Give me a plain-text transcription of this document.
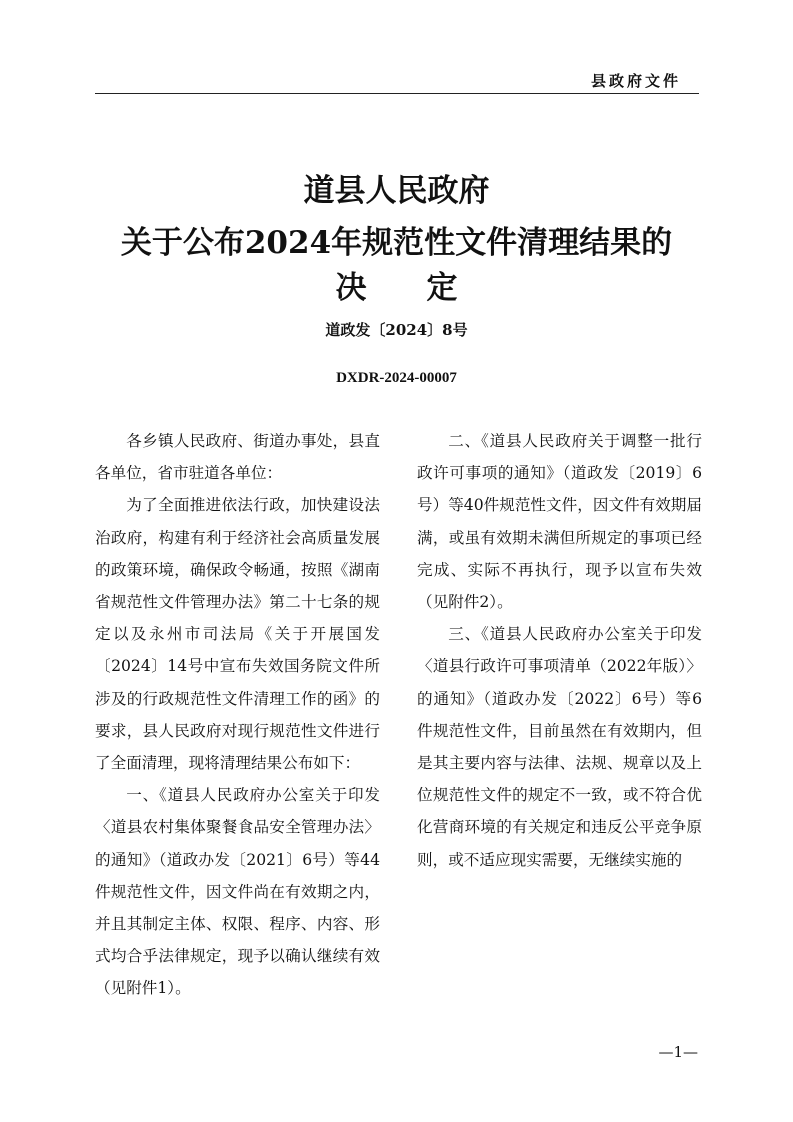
县政府文件
道县人民政府
关于公布2024年规范性文件清理结果的
决定
道政发〔2024〕8号
DXDR-2024-00007

各乡镇人民政府、街道办事处，县直各单位，省市驻道各单位：

为了全面推进依法行政，加快建设法治政府，构建有利于经济社会高质量发展的政策环境，确保政令畅通，按照《湖南省规范性文件管理办法》第二十七条的规定以及永州市司法局《关于开展国发〔2024〕14号中宣布失效国务院文件所涉及的行政规范性文件清理工作的函》的要求，县人民政府对现行规范性文件进行了全面清理，现将清理结果公布如下：

一、《道县人民政府办公室关于印发〈道县农村集体聚餐食品安全管理办法〉的通知》（道政办发〔2021〕6号）等44件规范性文件，因文件尚在有效期之内，并且其制定主体、权限、程序、内容、形式均合乎法律规定，现予以确认继续有效（见附件1）。

二、《道县人民政府关于调整一批行政许可事项的通知》（道政发〔2019〕6号）等40件规范性文件，因文件有效期届满，或虽有效期未满但所规定的事项已经完成、实际不再执行，现予以宣布失效（见附件2）。

三、《道县人民政府办公室关于印发〈道县行政许可事项清单（2022年版）〉的通知》（道政办发〔2022〕6号）等6件规范性文件，目前虽然在有效期内，但是其主要内容与法律、法规、规章以及上位规范性文件的规定不一致，或不符合优化营商环境的有关规定和违反公平竞争原则，或不适应现实需要，无继续实施的

—1—
